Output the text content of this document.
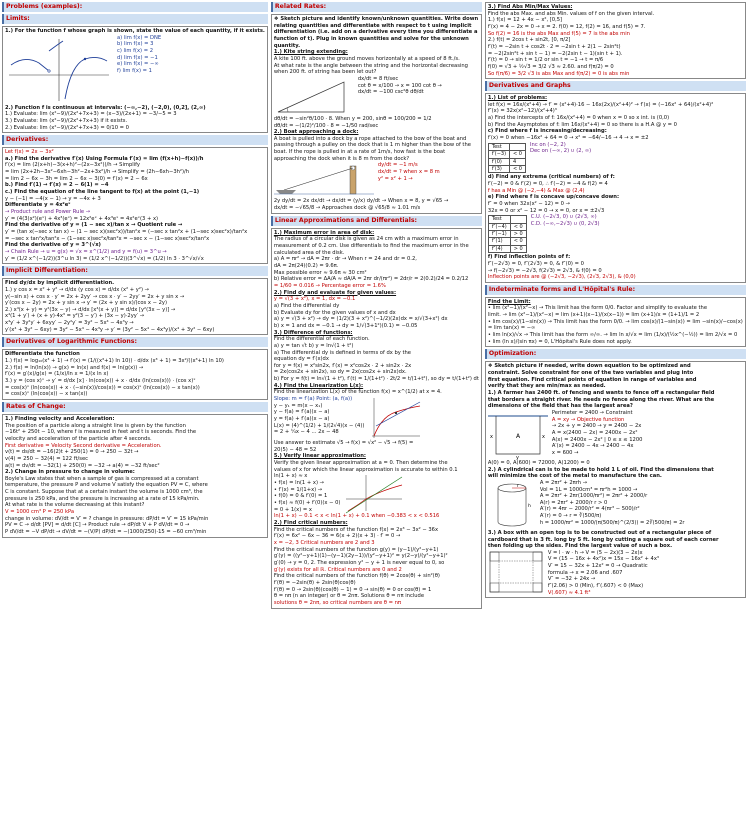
Problems (examples):
Limits:
1.) For the function f whose graph is shown, state the value of each quantity, if it exists.
a) lim f(x) = DNE
b) lim f(x) = 3
c) lim f(x) = 2
d) lim f(x) = −1
e) lim f(x) = −∞
f) lim f(x) = 1
2.) Function f is continuous at intervals: (−∞,−2), (−2,0), (0,2], (2,∞)
1.) Evaluate: lim (x²−9)/(2x²+7x+3) = (x−3)/(2x+1) = −3/−5 = 3
3.) Evaluate: lim (x²−9)/(2x²+7x+3) if it exists.
2.) Evaluate: lim (x²−9)/(2x²+7x+3) = 0/10 = 0
Derivatives:
Let f(x) = 2x − 3x²
a.) Find the derivative f′(x) Using Formula f′(x) = lim (f(x+h)−f(x))/h
f′(x) = lim (2(x+h)−3(x+h)²−(2x−3x²))/h → Simplify
= lim (2x+2h−3x²−6xh−3h²−2x+3x²)/h → Simplify = (2h−6xh−3h²)/h
= lim 2 − 6x − 3h = lim 2 − 6x − 3(0) = f′(x) = 2 − 6x
b.) Find f′(1) → f′(x) = 2 − 6(1) = −4
c.) Find the equation of the line tangent to f(x) at the point (1,−1)
y − (−1) = −4(x − 1) → y = −4x + 3
Differentiate y = 4x²eˣ
→ Product rule and Power Rule →
y′ = (4(3)x²)(eˣ) + 4x³(eˣ) = 12x²eˣ + 4x³eˣ = 4x²eˣ(3 + x)
Find the derivative of y = (1 − sec x)/tan x → Quotient rule →
y′ = (tan x(−sec x tan x) − (1 − sec x)(sec²x))/tan²x = (−sec x tan²x + (1−sec x)sec²x)/tan²x
= −sec x tan²x/tan²x − (1−sec x)sec²x/tan²x = −sec x − (1−sec x)sec²x/tan²x
Find the derivative of y = 3^(√x)
→ Chain Rule → u = g(x) = √x = x^(1/2) and y = f(u) = 3^u →
y′ = (1/2 x^(−1/2))(3^u ln 3) = (1/2 x^(−1/2))(3^√x) = (1/2) ln 3 · 3^√x/√x
Implicit Differentiation:
Find dy/dx by implicit differentiation.
1.) y cos x = x² + y² → d/dx (y cos x) = d/dx (x² + y²) →
y(−sin x) + cos x · y′ = 2x + 2yy′ → cos x · y′ − 2yy′ = 2x + y sin x →
y′(cos x − 2y) = 2x + y sin x → y′ = (2x + y sin x)/(cos x − 2y)
2.) x⁴(x + y) = y²(3x − y) → d/dx [x⁴(x + y)] = d/dx [y²(3x − y)] →
x⁴(1 + y′) + (x + y)·4x³ = y²(3 − y′) + (3x − y)·2yy′ →
x⁴y′ + 3y²y′ + 6xyy′ − 2y²y′ = 3y² − 5x⁴ − 4x³y →
y′(x⁴ + 3y² − 6xy) = 3y² − 5x⁴ − 4x³y → y′ = (3y² − 5x⁴ − 4x³y)/(x⁴ + 3y² − 6xy)
Derivatives of Logarithmic Functions:
Differentiate the function
1.) f(x) = log₁₀(x³ + 1) → f′(x) = (1/((x³+1) ln 10)) · d/dx (x³ + 1) = 3x²/((x³+1) ln 10)
2.) f(x) = ln(ln(x)) → g(x) = ln(x) and f(x) = ln(g(x)) →
f′(x) = g′(x)/g(x) = (1/x)/ln x = 1/(x ln x)
3.) y = (cos x)ˣ → y′ = d/dx [x] · ln(cos(x)) + x · d/dx (ln(cos(x))) · (cos x)ˣ
= cos(x)ˣ (ln(cos(x)) + x · (−sin(x))/cos(x)) = cos(x)ˣ (ln(cos(x)) − x tan(x))
= cos(x)ˣ (ln(cos(x)) − x tan(x))
Rates of Change:
1.) Finding velocity and Acceleration:
The position of a particle along a straight line is given by the function
−16t² + 250t − 10, where f is measured in feet and t is seconds. Find the
velocity and acceleration of the particle after 4 seconds.
First derivative = Velocity Second derivative = Acceleration.
v(t) = ds/dt = −16(2)t + 250(1) = 0 → 250 − 32t →
v(4) = 250 − 32(4) = 122 ft/sec
a(t) = dv/dt = −32(1) + 250(0) = −32 → a(4) = −32 ft/sec²
2.) Change in pressure to change in volume:
Boyle's Law states that when a sample of gas is compressed at a constant
temperature, the pressure P and volume V satisfy the equation PV = C, where
C is constant. Suppose that at a certain instant the volume is 1000 cm³, the
pressure is 250 kPa, and the pressure is increasing at a rate of 15 kPa/min.
At what rate is the volume decreasing at this instant?
V = 1000 cm³ P = 250 kPa
change in volume: dV/dt = V′ = ? change in pressure: dP/dt = V′ = 15 kPa/min
PV = C → d/dt [PV] = d/dt [C] → Product rule → dP/dt V + P dV/dt = 0 →
P dV/dt = −V dP/dt → dV/dt = −(V/P) dP/dt = −(1000/250)·15 = −60 cm³/min
Related Rates:
❖ Sketch picture and identify known/unknown quantities. Write down
relating quantities and differentiate with respect to t using implicit
differentiation (i.e. add on a derivative every time you differentiate a
function of t). Plug in known quantities and solve for the unknown
quantity.
1.) Kite string extending:
A kite 100 ft. above the ground moves horizontally at a speed of 8 ft./s.
At what rate is the angle between the string and the horizontal decreasing
when 200 ft. of string has been let out?
dx/dt = 8 ft/sec
cot θ = x/100 → x = 100 cot θ →
dx/dt = −100 csc²θ dθ/dt
dθ/dt = −sin²θ/100 · 8. When y = 200, sinθ = 100/200 = 1/2
dθ/dt = −(1/2)²/100 · 8 = −1/50 rad/sec
2.) Boat approaching a dock:
A boat is pulled into a dock by a rope attached to the bow of the boat and
passing through a pulley on the dock that is 1 m higher than the bow of the
boat. If the rope is pulled in at a rate of 1m/s, how fast is the boat
approaching the dock when it is 8 m from the dock?
dy/dt = −1 m/s
dx/dt = ? when x = 8 m
y² = x² + 1 →
2y dy/dt = 2x dx/dt → dx/dt = (y/x) dy/dt → When x = 8, y = √65 →
dx/dt = −√65/8 → Approaches dock @ √65/8 ≈ 1.01 m/s
Linear Approximations and Differentials:
1.) Maximum error in area of disk:
The radius of a circular disk is given as 24 cm with a maximum error in
measurement of 0.2 cm. Use differentials to find the maximum error in the
calculated area of the disk.
a) A = πr² → dA = 2πr · dr → When r = 24 and dr = 0.2,
dA = 2π(24)(0.2) = 9.6π.
Max possible error ≈ 9.6π ≈ 30 cm²
b) Relative error = ΔA/A ≈ dA/A = 2πr dr/(πr²) = 2dr/r = 2(0.2)/24 = 0.2/12
= 1/60 = 0.016 → Percentage error = 1.6%
2.) Find dy and evaluate for given values:
y = √(3 + x²), x = 1, dx = −0.1
a) Find the differential dy
b) Evaluate dy for the given values of x and dx
a) y = √(3 + x²) → dy = (1/2)(3 + x²)^(−1/2)(2x)dx = x/√(3+x²) dx
b) x = 1 and dx = −0.1 → dy = 1/√(3+1²)(0.1) = −0.05
3.) Difference of functions:
Find the differential of each function.
a) y = tan √t b) y = ln√(1 + t²)
a) The differential dy is defined in terms of dx by the
equation dy = f′(x)dx
for y = f(x) = x²sin2x, f′(x) = x²cos2x · 2 + sin2x · 2x
= 2x(cos2x + sin2x), so dy = 2x(cos2x + sin2x)dx.
b) For y = f(t) = ln√(1 + t²), f′(t) = 1/(1+t²) · 2t/2 = t/(1+t²), so dy = t/(1+t²) dt
4.) Find the Linearization L(x):
Find the linearization L(x) of the function f(x) = x^(1/2) at x = 4.
Slope: m = f′(a) Point: (a, f(a))
y − y₁ = m(x − x₁)
y − f(a) = f′(a)(x − a)
y = f(a) + f′(a)(x − a)
L(x) = (4)^(1/2) + 1/(2√4)(x − (4))
= 2 + ¼x − 4 ... 2x − 48
Use answer to estimate √5 → f(x) = √x² − √5 → f(5) =
20(5) − 48 = 52
5.) Verify linear approximation:
Verify the given linear approximation at a = 0. Then determine the
values of x for which the linear approximation is accurate to within 0.1
ln(1 + x) ≈ x
• f(x) = ln(1 + x) →
• f′(x) = 1/(1+x) →
• f(0) = 0 & f′(0) = 1
• f(x) ≈ f(0) + f′(0)(x − 0)
= 0 + 1(x) = x
ln(1 + x) − 0.1 < x < ln(1 + x) + 0.1 when −0.383 < x < 0.516
2.) Find critical numbers:
Find the critical numbers of the function f(x) = 2x³ − 3x² − 36x
f′(x) = 6x² − 6x − 36 = 6(x + 2)(x + 3) · f′ = 0 →
x = −2, 3 Critical numbers are 2 and 3
Find the critical numbers of the function g(y) = (y−1)/(y²−y+1)
g′(y) = ((y²−y+1)(1)−(y−1)(2y−1))/(y²−y+1)² = y(2−y)/(y²−y+1)²
g′(0) → y = 0, 2. The expression y² − y + 1 is never equal to 0, so
g′(y) exists for all ℝ. Critical numbers are 0 and 2
Find the critical numbers of the function f(θ) = 2cos(θ) + sin²(θ)
f′(θ) = −2sin(θ) + 2sin(θ)cos(θ)
f′(θ) = 0 → 2sin(θ)(cos(θ) − 1) = 0 → sin(θ) = 0 or cos(θ) = 1
θ = nπ (n an integer) or θ = 2nπ. Solutions θ = nπ include
solutions θ = 2nπ, so critical numbers are θ = nπ
3.) Find Abs Min/Max Values:
Find the abs Max. and abs Min. values of f on the given interval.
1.) f(x) = 12 + 4x − x², [0,5]
f′(x) = 4 − 2x = 0 → x = 2. f(0) = 12, f(2) = 16, and f(5) = 7.
So f(2) = 16 is the abs Max and f(5) = 7 is the abs min
2.) f(t) = 2cos t + sin2t, [0, π/2]
f′(t) = −2sin t + cos2t · 2 = −2sin t + 2(1 − 2sin²t)
= −2(2sin²t + sin t − 1) = −2(2sin t − 1)(sin t + 1).
f′(t) = 0 → sin t = 1/2 or sin t = −1 → t = π/6
f(0) = √3 + ½√3 = 3/2 √3 ≈ 2.60. and f(π/2) = 0
So f(π/6) = 3/2 √3 is abs Max and f(π/2) = 0 is abs min
Derivatives and Graphs
1.) List of problems:
let f(x) = 16x/(x²+4) → f′ = (x²+4)·16 − 16x(2x)/(x²+4)² → f′(x) = (−16x² + 64)/(x²+4)²
f″(x) = 32x(x²−12)/(x²+4)³
a) Find the intercepts of f: 16x/(x²+4) = 0 when x = 0 so x int. is (0,0)
b) Find the Asymptotes of f: lim 16x/(x²+4) = 0 so there is a H.A @ y = 0
c) Find where f is increasing/decreasing:
f′(x) = 0 when −16x² + 64 = 0 → x² = −64/−16 → 4 → x = ±2
Test	
f′(−3)	< 0
f′(0)	4
f′(3)	< 0
Inc on (−2, 2)
Dec on (−∞, 2) ∪ (2, ∞)
d) Find any extrema (critical numbers) of f:
f′(−2) = 0 & f′(2) = 0, ∴ f′(−2) = −4 & f(2) = 4
f has a Min @ (−2,−4) & Max @ (2,4)
e) Find where f is concave up/concave down:
f″ = 0 when 32x(x² − 12) = 0 →
32x = 0 or x² − 12 = 0 → x = 0, or x = ±2√3
Test	
f″(−4)	< 0
f″(−1)	> 0
f″(1)	< 0
f″(4)	> 0
C.U. (−2√3, 0) ∪ (2√3, ∞)
C.D. (−∞,−2√3) ∪ (0, 2√3)
f) Find inflection points of f:
f″(−2√3) = 0, f″(2√3) = 0, & f″(0) = 0
→ f(−2√3) = −2√3, f(2√3) = 2√3, & f(0) = 0
Inflection points are @ (−2√3, −2√3), (2√3, 2√3), & (0,0)
Indeterminate forms and L'Hôpital's Rule:
Find the Limit:
• lim (x²−1)/(x²−x) → This limit has the form 0/0. Factor and simplify to evaluate the
limit. → lim (x²−1)/(x²−x) = lim (x+1)(x−1)/(x(x−1)) = lim (x+1)/x = (1+1)/1 = 2
• lim cos(x)/(1−sin(x)) → This limit has the form 0/0. → lim cos(x)/(1−sin(x)) = lim −sin(x)/−cos(x)
= lim tan(x) = −∞
• lim ln(x)/√x → This limit has the form ∞/∞. → lim ln x/√x = lim (1/x)/(½x^(−½)) = lim 2/√x = 0
• lim (ln x)/(sin πx) = 0, L'Hôpital's Rule does not apply.
Optimization:
❖ Sketch picture if needed, write down equation to be optimized and
constraint. Solve constraint for one of the two variables and plug into
first equation. Find critical points of equation in range of variables and
verify that they are min/max as needed.
1.) A farmer has 2400 ft. of fencing and wants to fence off a rectangular field
that borders a straight river. He needs no fence along the river. What are the
dimensions of the field that has the largest area?
x	x
y
A
Perimeter = 2400 → Constraint
A = xy → Objective function
→ 2x + y = 2400 → y = 2400 − 2x
A = x(2400 − 2x) = 2400x − 2x²
A(x) = 2400x − 2x² | 0 ≤ x ≤ 1200
A′(x) = 2400 − 4x → 2400 − 4x
x = 600 →
A(0) = 0, A(600) = 72000, A(1200) = 0
2.) A cylindrical can is to be made to hold 1 L of oil. Find the dimensions that
will minimize the cost of the metal to manufacture the can.
r
h
A = 2πr² + 2πrh →
Vol = 1L = 1000cm³ = πr²h = 1000 →
A = 2πr² + 2πr(1000/πr²) = 2πr² + 2000/r
A(r) = 2πr² + 2000/r r > 0
A′(r) = 4πr − 2000/r² = 4(πr³ − 500)/r²
A′(r) = 0 → r = ∛(500/π)
h = 1000/πr² = 1000/(π(500/π)^(2/3)) = 2∛(500/π) = 2r
3.) A box with an open top is to be constructed out of a rectangular piece of
cardboard that is 3 ft. long by 5 ft. long by cutting a square out of each corner
then folding up the sides. Find the largest value of such a box.
V = l · w · h → V = (5 − 2x)(3 − 2x)x
V = (15 − 16x + 4x²)x = 15x − 16x² + 4x³
V′ = 15 − 32x + 12x² = 0 → Quadratic
formula → x = 2.06 and .607
V″ = −32 + 24x →
f″(2.06) > 0 (Min), f″(.607) < 0 (Max)
V(.607) ≈ 4.1 ft³
